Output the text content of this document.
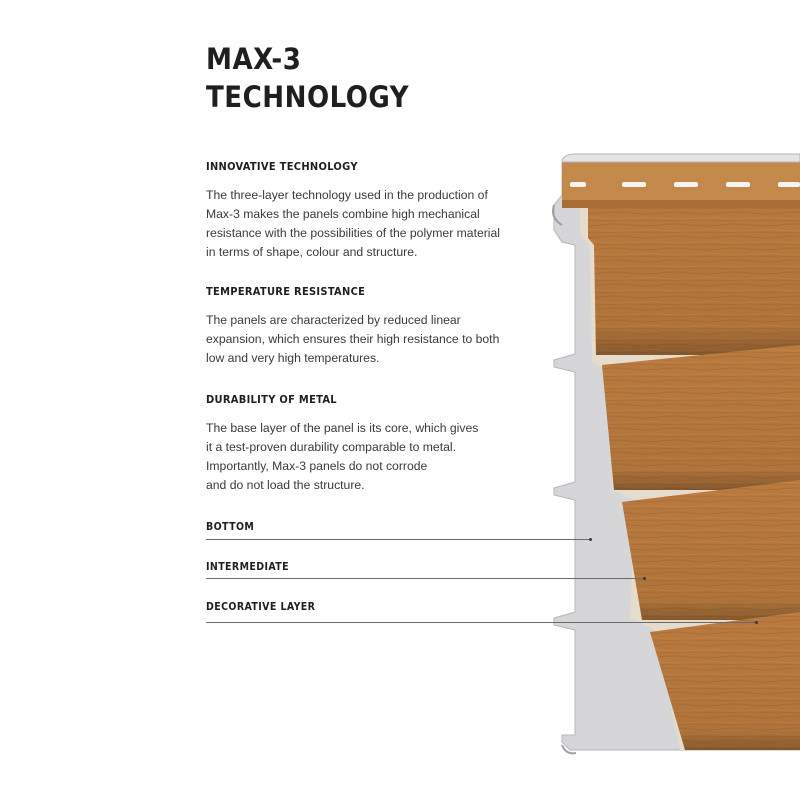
MAX-3
TECHNOLOGY

INNOVATIVE TECHNOLOGY

The three-layer technology used in the production of
Max-3 makes the panels combine high mechanical
resistance with the possibilities of the polymer material
in terms of shape, colour and structure.

TEMPERATURE RESISTANCE

The panels are characterized by reduced linear
expansion, which ensures their high resistance to both
low and very high temperatures.

DURABILITY OF METAL

The base layer of the panel is its core, which gives
it a test-proven durability comparable to metal.
Importantly, Max-3 panels do not corrode
and do not load the structure.

BOTTOM
INTERMEDIATE
DECORATIVE LAYER
